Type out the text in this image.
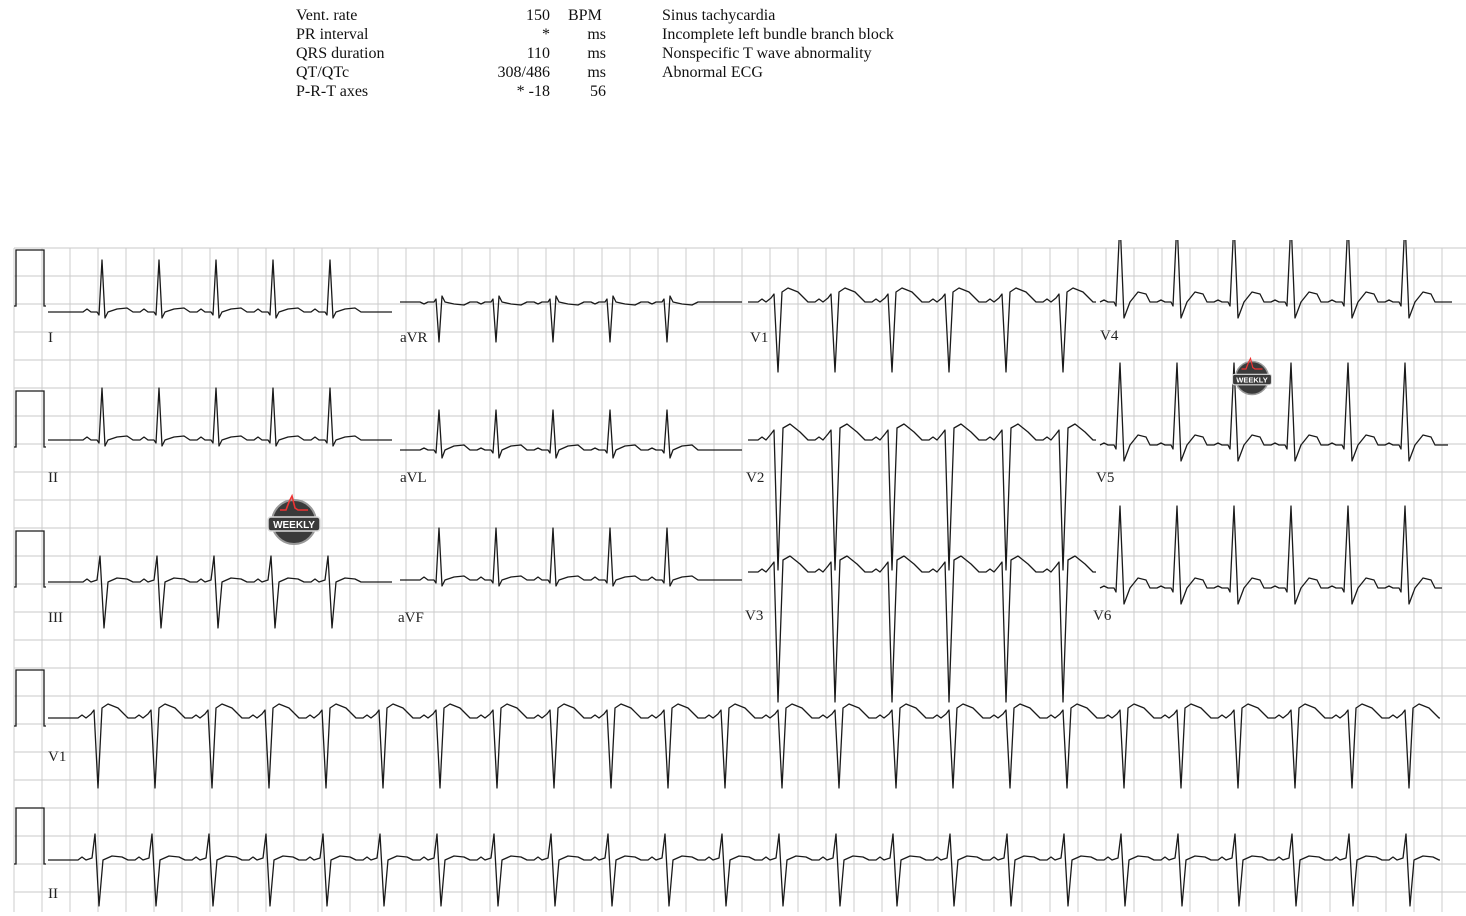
Vent. rate	150 BPM
PR interval	*	ms
QRS duration	110	ms
QT/QTc	308/486	ms
P-R-T axes	* -18	56
Sinus tachycardia
Incomplete left bundle branch block
Nonspecific T wave abnormality
Abnormal ECG
I	aVR	V1	V4
II	aVL	V2	V5
III	aVF	V3	V6
V1
II
WEEKLY
WEEKLY
